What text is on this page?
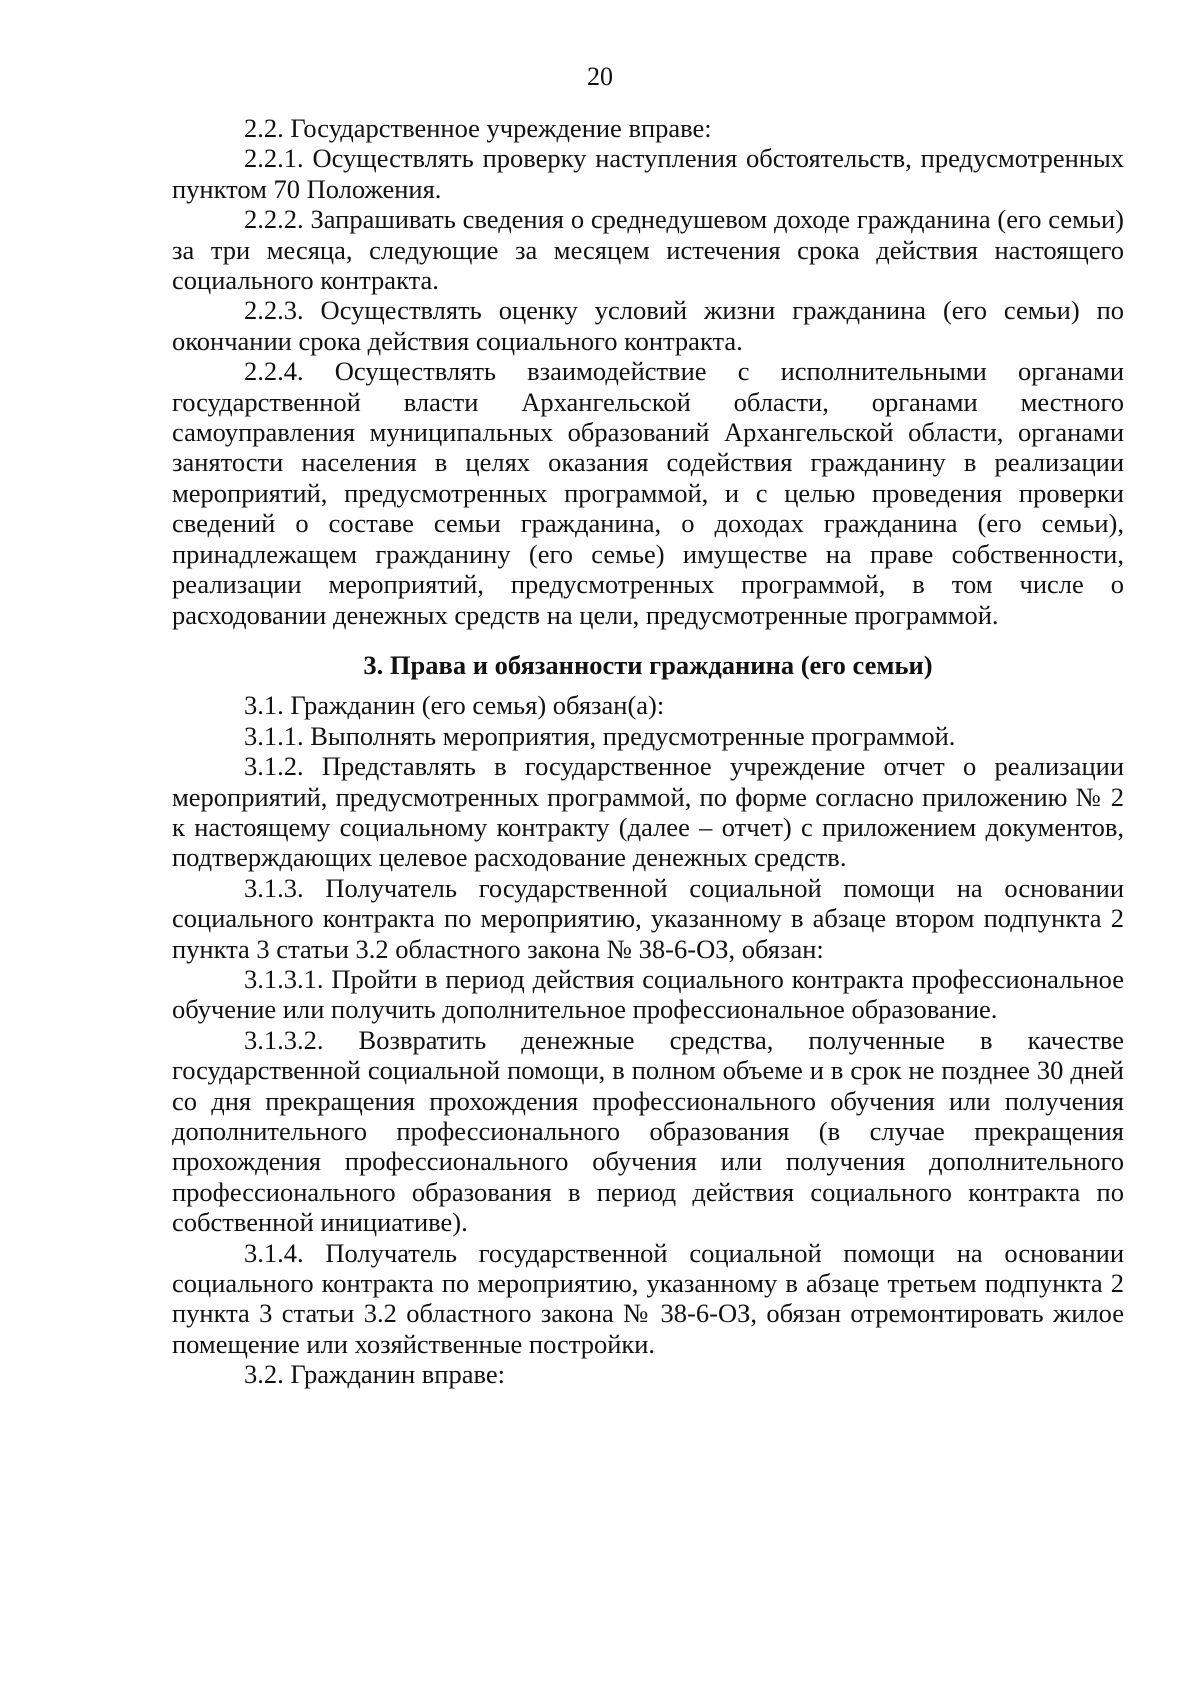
20

2.2. Государственное учреждение вправе:

2.2.1. Осуществлять проверку наступления обстоятельств, предусмотренных пунктом 70 Положения.

2.2.2. Запрашивать сведения о среднедушевом доходе гражданина (его семьи) за три месяца, следующие за месяцем истечения срока действия настоящего социального контракта.

2.2.3. Осуществлять оценку условий жизни гражданина (его семьи) по окончании срока действия социального контракта.

2.2.4. Осуществлять взаимодействие с исполнительными органами государственной власти Архангельской области, органами местного самоуправления муниципальных образований Архангельской области, органами занятости населения в целях оказания содействия гражданину в реализации мероприятий, предусмотренных программой, и с целью проведения проверки сведений о составе семьи гражданина, о доходах гражданина (его семьи), принадлежащем гражданину (его семье) имуществе на праве собственности, реализации мероприятий, предусмотренных программой, в том числе о расходовании денежных средств на цели, предусмотренные программой.

3. Права и обязанности гражданина (его семьи)

3.1. Гражданин (его семья) обязан(а):

3.1.1. Выполнять мероприятия, предусмотренные программой.

3.1.2. Представлять в государственное учреждение отчет о реализации мероприятий, предусмотренных программой, по форме согласно приложению № 2 к настоящему социальному контракту (далее – отчет) с приложением документов, подтверждающих целевое расходование денежных средств.

3.1.3. Получатель государственной социальной помощи на основании социального контракта по мероприятию, указанному в абзаце втором подпункта 2 пункта 3 статьи 3.2 областного закона № 38-6-ОЗ, обязан:

3.1.3.1. Пройти в период действия социального контракта профессиональное обучение или получить дополнительное профессиональное образование.

3.1.3.2. Возвратить денежные средства, полученные в качестве государственной социальной помощи, в полном объеме и в срок не позднее 30 дней со дня прекращения прохождения профессионального обучения или получения дополнительного профессионального образования (в случае прекращения прохождения профессионального обучения или получения дополнительного профессионального образования в период действия социального контракта по собственной инициативе).

3.1.4. Получатель государственной социальной помощи на основании социального контракта по мероприятию, указанному в абзаце третьем подпункта 2 пункта 3 статьи 3.2 областного закона № 38-6-ОЗ, обязан отремонтировать жилое помещение или хозяйственные постройки.

3.2. Гражданин вправе:
